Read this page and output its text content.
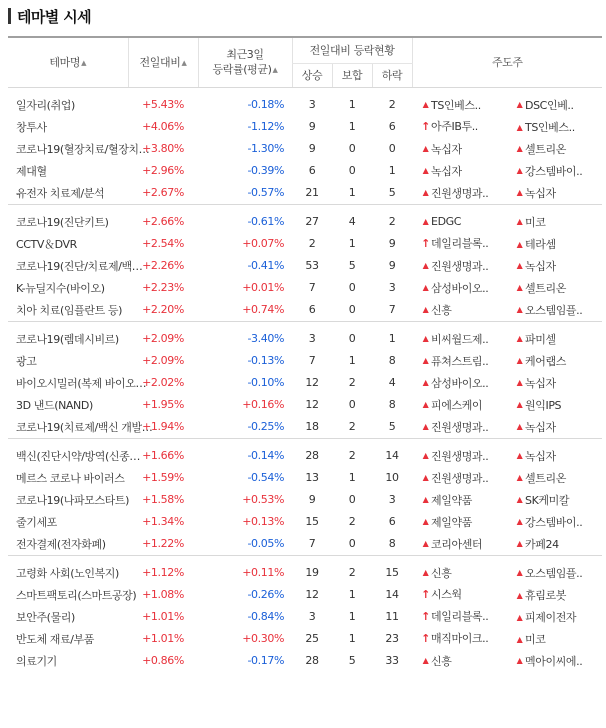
테마별 시세
테마명▲	전일대비▲	최근3일
등락률(평균)▲	전일대비 등락현황			주도주
			상승	보합	하락	

일자리(취업)	+5.43%	-0.18%	3	1	2	▲ TS인베스.. ▲ DSC인베..

창투사	+4.06%	-1.12%	9	1	6	↑ 아주IB투.. ▲ TS인베스..

코로나19(혈장치료/혈장치…	+3.80%	-1.30%	9	0	0	▲ 녹십자 ▲ 셀트리온

제대혈	+2.96%	-0.39%	6	0	1	▲ 녹십자 ▲ 강스템바이..

유전자 치료제/분석	+2.67%	-0.57%	21	1	5	▲ 진원생명과.. ▲ 녹십자

코로나19(진단키트)	+2.66%	-0.61%	27	4	2	▲ EDGC ▲ 미코

CCTV＆DVR	+2.54%	+0.07%	2	1	9	↑ 데일리블록.. ▲ 테라셈

코로나19(진단/치료제/백…	+2.26%	-0.41%	53	5	9	▲ 진원생명과.. ▲ 녹십자

K-뉴딜지수(바이오)	+2.23%	+0.01%	7	0	3	▲ 삼성바이오.. ▲ 셀트리온

치아 치료(임플란트 등)	+2.20%	+0.74%	6	0	7	▲ 신흥 ▲ 오스템임플..

코로나19(렘데시비르)	+2.09%	-3.40%	3	0	1	▲ 비씨월드제.. ▲ 파미셀

광고	+2.09%	-0.13%	7	1	8	▲ 퓨쳐스트림.. ▲ 케어랩스

바이오시밀러(복제 바이오…	+2.02%	-0.10%	12	2	4	▲ 삼성바이오.. ▲ 녹십자

3D 낸드(NAND)	+1.95%	+0.16%	12	0	8	▲ 피에스케이 ▲ 원익IPS

코로나19(치료제/백신 개발…	+1.94%	-0.25%	18	2	5	▲ 진원생명과.. ▲ 녹십자

백신(진단시약/방역(신종…	+1.66%	-0.14%	28	2	14	▲ 진원생명과.. ▲ 녹십자

메르스 코로나 바이러스	+1.59%	-0.54%	13	1	10	▲ 진원생명과.. ▲ 셀트리온

코로나19(나파모스타트)	+1.58%	+0.53%	9	0	3	▲ 제일약품 ▲ SK케미칼

줄기세포	+1.34%	+0.13%	15	2	6	▲ 제일약품 ▲ 강스템바이..

전자결제(전자화폐)	+1.22%	-0.05%	7	0	8	▲ 코리아센터 ▲ 카페24

고령화 사회(노인복지)	+1.12%	+0.11%	19	2	15	▲ 신흥 ▲ 오스템임플..

스마트팩토리(스마트공장)	+1.08%	-0.26%	12	1	14	↑ 시스웍 ▲ 휴림로봇

보안주(물리)	+1.01%	-0.84%	3	1	11	↑ 데일리블록.. ▲ 피제이전자

반도체 재료/부품	+1.01%	+0.30%	25	1	23	↑ 매직마이크.. ▲ 미코

의료기기	+0.86%	-0.17%	28	5	33	▲ 신흥 ▲ 멕아이씨에..
